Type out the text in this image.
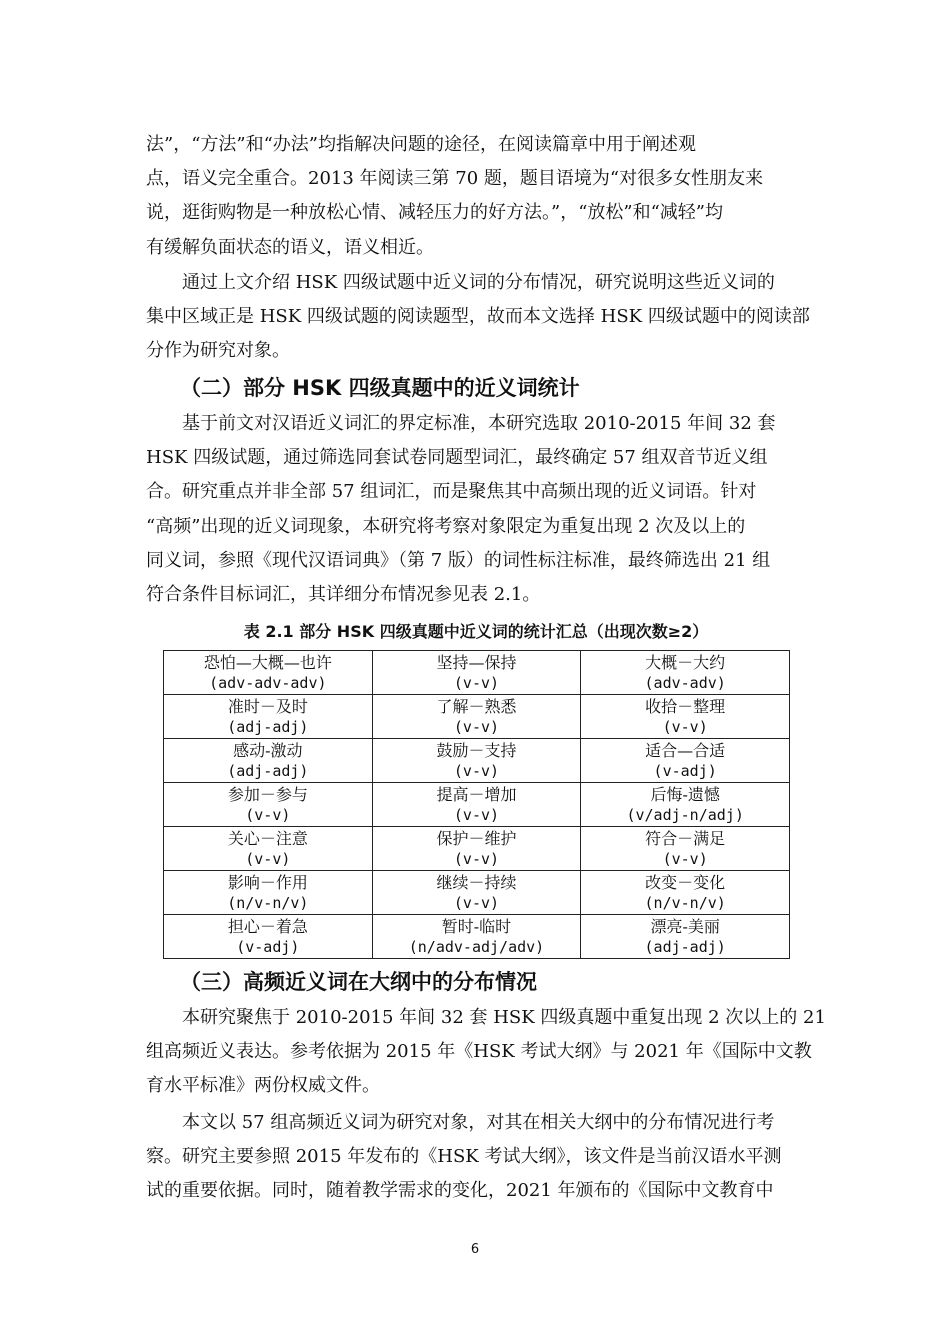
法”，“方法”和“办法”均指解决问题的途径，在阅读篇章中用于阐述观
点，语义完全重合。2013 年阅读三第 70 题，题目语境为“对很多女性朋友来
说，逛街购物是一种放松心情、减轻压力的好方法。”，“放松”和“减轻”均
有缓解负面状态的语义，语义相近。
通过上文介绍 HSK 四级试题中近义词的分布情况，研究说明这些近义词的
集中区域正是 HSK 四级试题的阅读题型，故而本文选择 HSK 四级试题中的阅读部
分作为研究对象。
（二）部分 HSK 四级真题中的近义词统计
基于前文对汉语近义词汇的界定标准，本研究选取 2010-2015 年间 32 套
HSK 四级试题，通过筛选同套试卷同题型词汇，最终确定 57 组双音节近义组
合。研究重点并非全部 57 组词汇，而是聚焦其中高频出现的近义词语。针对
“高频”出现的近义词现象，本研究将考察对象限定为重复出现 2 次及以上的
同义词，参照《现代汉语词典》（第 7 版）的词性标注标准，最终筛选出 21 组
符合条件目标词汇，其详细分布情况参见表 2.1。

表 2.1 部分 HSK 四级真题中近义词的统计汇总（出现次数≥2）

恐怕—大概—也许
(adv-adv-adv)	坚持—保持
(v-v)	大概－大约
(adv-adv)

准时－及时
(adj-adj)	了解－熟悉
(v-v)	收拾－整理
(v-v)

感动-激动
(adj-adj)	鼓励－支持
(v-v)	适合—合适
(v-adj)

参加－参与
(v-v)	提高－增加
(v-v)	后悔-遗憾
(v/adj-n/adj)

关心－注意
(v-v)	保护－维护
(v-v)	符合－满足
(v-v)

影响－作用
(n/v-n/v)	继续－持续
(v-v)	改变－变化
(n/v-n/v)

担心－着急
(v-adj)	暂时-临时
(n/adv-adj/adv)	漂亮-美丽
(adj-adj)
（三）高频近义词在大纲中的分布情况
本研究聚焦于 2010-2015 年间 32 套 HSK 四级真题中重复出现 2 次以上的 21
组高频近义表达。参考依据为 2015 年《HSK 考试大纲》与 2021 年《国际中文教
育水平标准》两份权威文件。
本文以 57 组高频近义词为研究对象，对其在相关大纲中的分布情况进行考
察。研究主要参照 2015 年发布的《HSK 考试大纲》，该文件是当前汉语水平测
试的重要依据。同时，随着教学需求的变化，2021 年颁布的《国际中文教育中
6
